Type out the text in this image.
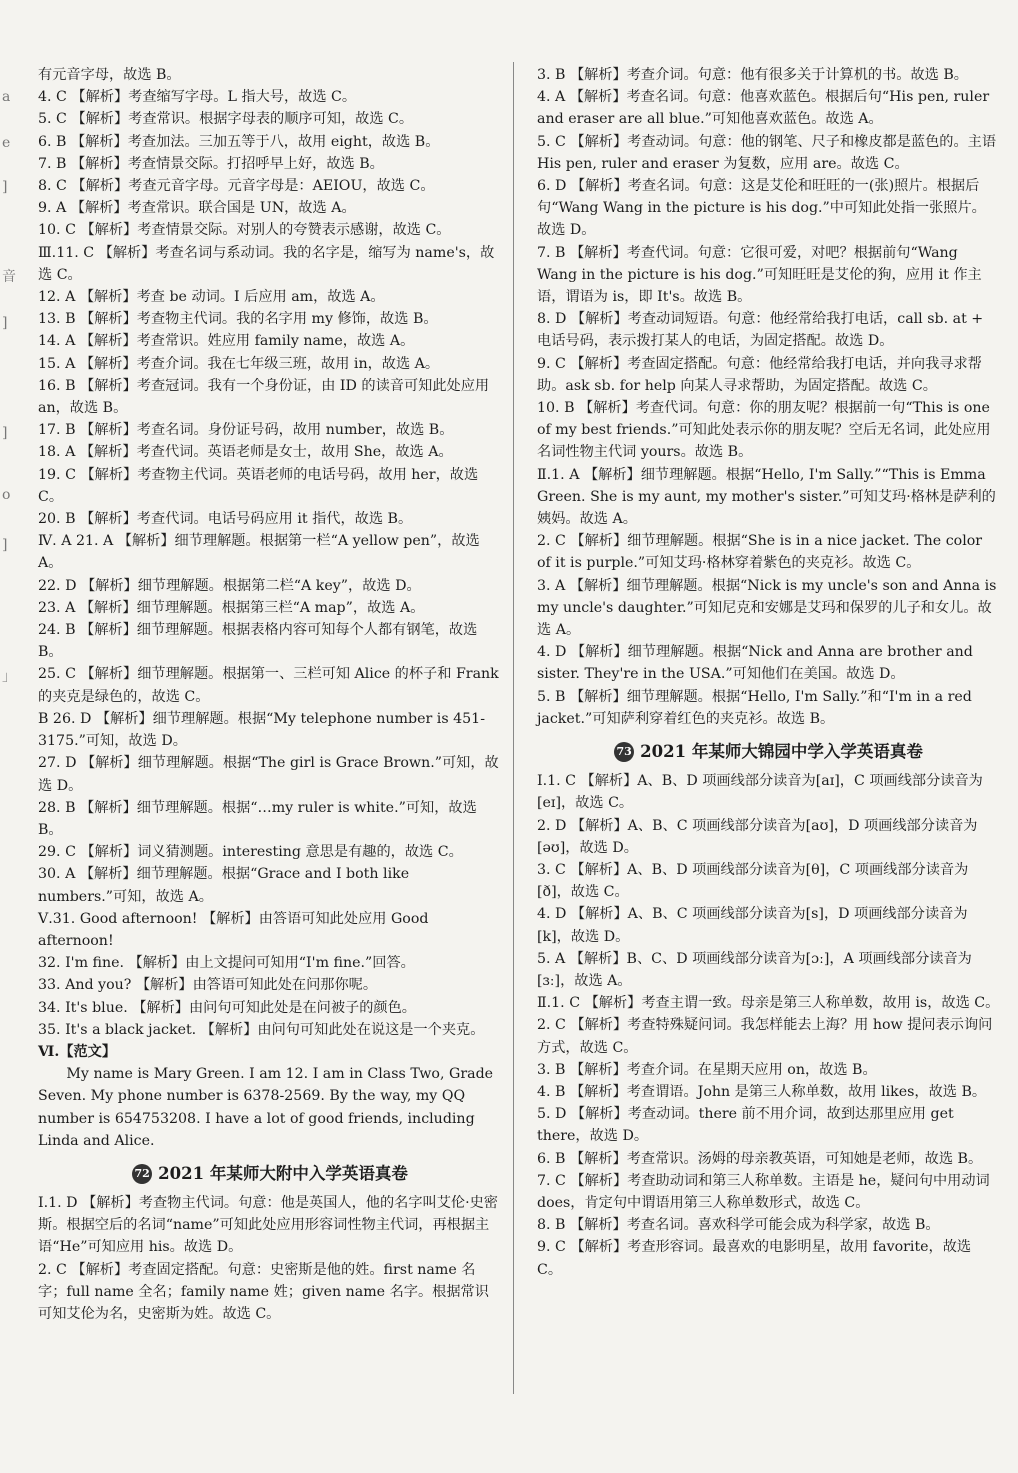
a
e
]
音
]
]
o
]
」
有元音字母，故选 B。
4. C 【解析】考查缩写字母。L 指大号，故选 C。
5. C 【解析】考查常识。根据字母表的顺序可知，故选 C。
6. B 【解析】考查加法。三加五等于八，故用 eight，故选 B。
7. B 【解析】考查情景交际。打招呼早上好，故选 B。
8. C 【解析】考查元音字母。元音字母是：AEIOU，故选 C。
9. A 【解析】考查常识。联合国是 UN，故选 A。
10. C 【解析】考查情景交际。对别人的夸赞表示感谢，故选 C。
Ⅲ.11. C 【解析】考查名词与系动词。我的名字是，缩写为 name's，故选 C。
12. A 【解析】考查 be 动词。I 后应用 am，故选 A。
13. B 【解析】考查物主代词。我的名字用 my 修饰，故选 B。
14. A 【解析】考查常识。姓应用 family name，故选 A。
15. A 【解析】考查介词。我在七年级三班，故用 in，故选 A。
16. B 【解析】考查冠词。我有一个身份证，由 ID 的读音可知此处应用 an，故选 B。
17. B 【解析】考查名词。身份证号码，故用 number，故选 B。
18. A 【解析】考查代词。英语老师是女士，故用 She，故选 A。
19. C 【解析】考查物主代词。英语老师的电话号码，故用 her，故选 C。
20. B 【解析】考查代词。电话号码应用 it 指代，故选 B。
Ⅳ. A 21. A 【解析】细节理解题。根据第一栏“A yellow pen”，故选 A。
22. D 【解析】细节理解题。根据第二栏“A key”，故选 D。
23. A 【解析】细节理解题。根据第三栏“A map”，故选 A。
24. B 【解析】细节理解题。根据表格内容可知每个人都有钢笔，故选 B。
25. C 【解析】细节理解题。根据第一、三栏可知 Alice 的杯子和 Frank 的夹克是绿色的，故选 C。
B 26. D 【解析】细节理解题。根据“My telephone number is 451-3175.”可知，故选 D。
27. D 【解析】细节理解题。根据“The girl is Grace Brown.”可知，故选 D。
28. B 【解析】细节理解题。根据“…my ruler is white.”可知，故选 B。
29. C 【解析】词义猜测题。interesting 意思是有趣的，故选 C。
30. A 【解析】细节理解题。根据“Grace and I both like numbers.”可知，故选 A。
Ⅴ.31. Good afternoon! 【解析】由答语可知此处应用 Good afternoon!
32. I'm fine. 【解析】由上文提问可知用“I'm fine.”回答。
33. And you? 【解析】由答语可知此处在问那你呢。
34. It's blue. 【解析】由问句可知此处是在问被子的颜色。
35. It's a black jacket. 【解析】由问句可知此处在说这是一个夹克。
Ⅵ.【范文】
My name is Mary Green. I am 12. I am in Class Two, Grade Seven. My phone number is 6378-2569. By the way, my QQ number is 654753208. I have a lot of good friends, including Linda and Alice.
72 2021 年某师大附中入学英语真卷
Ⅰ.1. D 【解析】考查物主代词。句意：他是英国人，他的名字叫艾伦·史密斯。根据空后的名词“name”可知此处应用形容词性物主代词，再根据主语“He”可知应用 his。故选 D。
2. C 【解析】考查固定搭配。句意：史密斯是他的姓。first name 名字；full name 全名；family name 姓；given name 名字。根据常识可知艾伦为名，史密斯为姓。故选 C。
3. B 【解析】考查介词。句意：他有很多关于计算机的书。故选 B。
4. A 【解析】考查名词。句意：他喜欢蓝色。根据后句“His pen, ruler and eraser are all blue.”可知他喜欢蓝色。故选 A。
5. C 【解析】考查动词。句意：他的钢笔、尺子和橡皮都是蓝色的。主语 His pen, ruler and eraser 为复数，应用 are。故选 C。
6. D 【解析】考查名词。句意：这是艾伦和旺旺的一(张)照片。根据后句“Wang Wang in the picture is his dog.”中可知此处指一张照片。故选 D。
7. B 【解析】考查代词。句意：它很可爱，对吧？根据前句“Wang Wang in the picture is his dog.”可知旺旺是艾伦的狗，应用 it 作主语，谓语为 is，即 It's。故选 B。
8. D 【解析】考查动词短语。句意：他经常给我打电话，call sb. at + 电话号码，表示拨打某人的电话，为固定搭配。故选 D。
9. C 【解析】考查固定搭配。句意：他经常给我打电话，并向我寻求帮助。ask sb. for help 向某人寻求帮助，为固定搭配。故选 C。
10. B 【解析】考查代词。句意：你的朋友呢？根据前一句“This is one of my best friends.”可知此处表示你的朋友呢？空后无名词，此处应用名词性物主代词 yours。故选 B。
Ⅱ.1. A 【解析】细节理解题。根据“Hello, I'm Sally.”“This is Emma Green. She is my aunt, my mother's sister.”可知艾玛·格林是萨利的姨妈。故选 A。
2. C 【解析】细节理解题。根据“She is in a nice jacket. The color of it is purple.”可知艾玛·格林穿着紫色的夹克衫。故选 C。
3. A 【解析】细节理解题。根据“Nick is my uncle's son and Anna is my uncle's daughter.”可知尼克和安娜是艾玛和保罗的儿子和女儿。故选 A。
4. D 【解析】细节理解题。根据“Nick and Anna are brother and sister. They're in the USA.”可知他们在美国。故选 D。
5. B 【解析】细节理解题。根据“Hello, I'm Sally.”和“I'm in a red jacket.”可知萨利穿着红色的夹克衫。故选 B。
73 2021 年某师大锦园中学入学英语真卷
Ⅰ.1. C 【解析】A、B、D 项画线部分读音为[aɪ]，C 项画线部分读音为[eɪ]，故选 C。
2. D 【解析】A、B、C 项画线部分读音为[aʊ]，D 项画线部分读音为[əʊ]，故选 D。
3. C 【解析】A、B、D 项画线部分读音为[θ]，C 项画线部分读音为[ð]，故选 C。
4. D 【解析】A、B、C 项画线部分读音为[s]，D 项画线部分读音为[k]，故选 D。
5. A 【解析】B、C、D 项画线部分读音为[ɔː]，A 项画线部分读音为[ɜː]，故选 A。
Ⅱ.1. C 【解析】考查主谓一致。母亲是第三人称单数，故用 is，故选 C。
2. C 【解析】考查特殊疑问词。我怎样能去上海？用 how 提问表示询问方式，故选 C。
3. B 【解析】考查介词。在星期天应用 on，故选 B。
4. B 【解析】考查谓语。John 是第三人称单数，故用 likes，故选 B。
5. D 【解析】考查动词。there 前不用介词，故到达那里应用 get there，故选 D。
6. B 【解析】考查常识。汤姆的母亲教英语，可知她是老师，故选 B。
7. C 【解析】考查助动词和第三人称单数。主语是 he，疑问句中用动词 does，肯定句中谓语用第三人称单数形式，故选 C。
8. B 【解析】考查名词。喜欢科学可能会成为科学家，故选 B。
9. C 【解析】考查形容词。最喜欢的电影明星，故用 favorite，故选 C。
